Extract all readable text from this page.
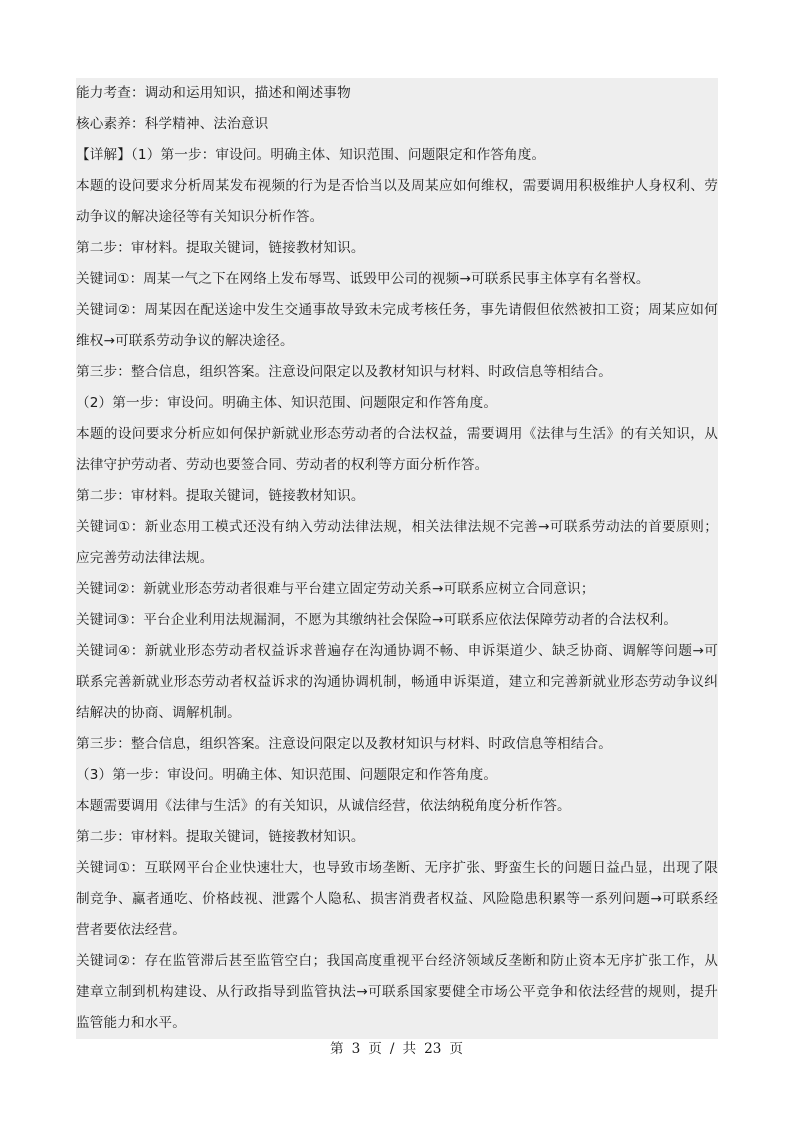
能力考查：调动和运用知识，描述和阐述事物

核心素养：科学精神、法治意识

【详解】（1）第一步：审设问。明确主体、知识范围、问题限定和作答角度。

本题的设问要求分析周某发布视频的行为是否恰当以及周某应如何维权，需要调用积极维护人身权利、劳动争议的解决途径等有关知识分析作答。

第二步：审材料。提取关键词，链接教材知识。

关键词①：周某一气之下在网络上发布辱骂、诋毁甲公司的视频→可联系民事主体享有名誉权。

关键词②：周某因在配送途中发生交通事故导致未完成考核任务，事先请假但依然被扣工资；周某应如何维权→可联系劳动争议的解决途径。

第三步：整合信息，组织答案。注意设问限定以及教材知识与材料、时政信息等相结合。

（2）第一步：审设问。明确主体、知识范围、问题限定和作答角度。

本题的设问要求分析应如何保护新就业形态劳动者的合法权益，需要调用《法律与生活》的有关知识，从法律守护劳动者、劳动也要签合同、劳动者的权利等方面分析作答。

第二步：审材料。提取关键词，链接教材知识。

关键词①：新业态用工模式还没有纳入劳动法律法规，相关法律法规不完善→可联系劳动法的首要原则；应完善劳动法律法规。

关键词②：新就业形态劳动者很难与平台建立固定劳动关系→可联系应树立合同意识；

关键词③：平台企业利用法规漏洞，不愿为其缴纳社会保险→可联系应依法保障劳动者的合法权利。

关键词④：新就业形态劳动者权益诉求普遍存在沟通协调不畅、申诉渠道少、缺乏协商、调解等问题→可联系完善新就业形态劳动者权益诉求的沟通协调机制，畅通申诉渠道，建立和完善新就业形态劳动争议纠结解决的协商、调解机制。

第三步：整合信息，组织答案。注意设问限定以及教材知识与材料、时政信息等相结合。

（3）第一步：审设问。明确主体、知识范围、问题限定和作答角度。

本题需要调用《法律与生活》的有关知识，从诚信经营，依法纳税角度分析作答。

第二步：审材料。提取关键词，链接教材知识。

关键词①：互联网平台企业快速壮大，也导致市场垄断、无序扩张、野蛮生长的问题日益凸显，出现了限制竞争、赢者通吃、价格歧视、泄露个人隐私、损害消费者权益、风险隐患积累等一系列问题→可联系经营者要依法经营。

关键词②：存在监管滞后甚至监管空白；我国高度重视平台经济领域反垄断和防止资本无序扩张工作，从建章立制到机构建设、从行政指导到监管执法→可联系国家要健全市场公平竞争和依法经营的规则，提升监管能力和水平。

第 3 页 / 共 23 页
